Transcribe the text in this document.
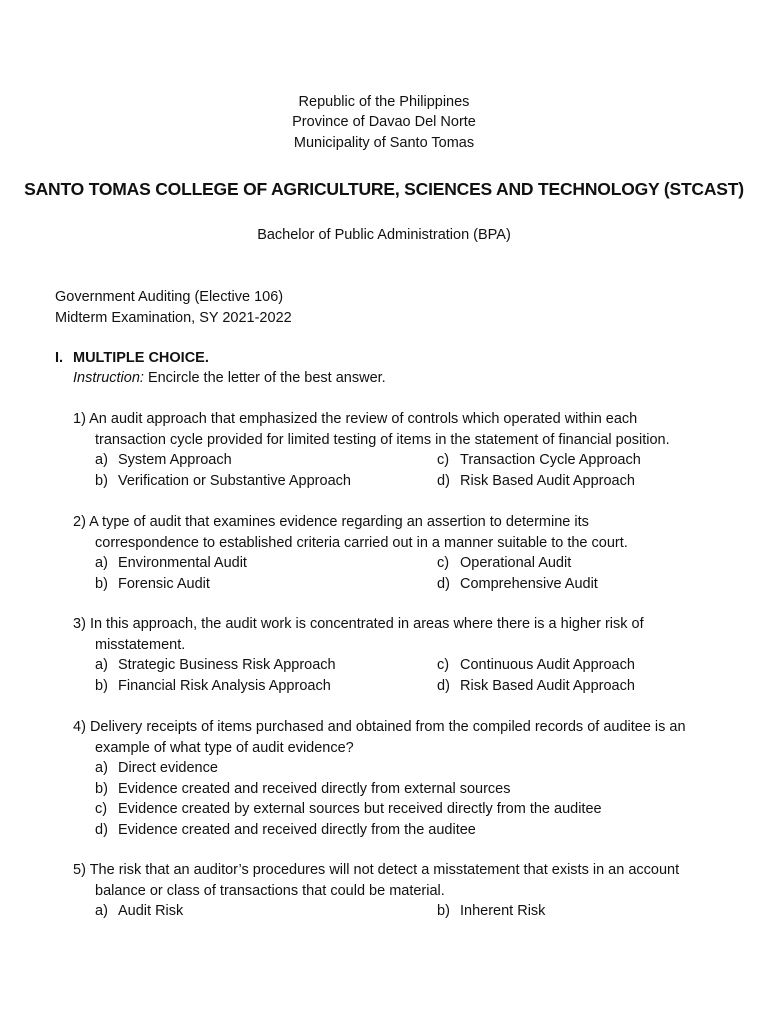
Republic of the Philippines
Province of Davao Del Norte
Municipality of Santo Tomas
SANTO TOMAS COLLEGE OF AGRICULTURE, SCIENCES AND TECHNOLOGY (STCAST)
Bachelor of Public Administration (BPA)
Government Auditing (Elective 106)
Midterm Examination, SY 2021-2022
I. MULTIPLE CHOICE.
Instruction: Encircle the letter of the best answer.
1) An audit approach that emphasized the review of controls which operated within each
transaction cycle provided for limited testing of items in the statement of financial position.
a) System Approach	c) Transaction Cycle Approach
b) Verification or Substantive Approach	d) Risk Based Audit Approach
2) A type of audit that examines evidence regarding an assertion to determine its
correspondence to established criteria carried out in a manner suitable to the court.
a) Environmental Audit	c) Operational Audit
b) Forensic Audit	d) Comprehensive Audit
3) In this approach, the audit work is concentrated in areas where there is a higher risk of
misstatement.
a) Strategic Business Risk Approach	c) Continuous Audit Approach
b) Financial Risk Analysis Approach	d) Risk Based Audit Approach
4) Delivery receipts of items purchased and obtained from the compiled records of auditee is an
example of what type of audit evidence?
a) Direct evidence
b) Evidence created and received directly from external sources
c) Evidence created by external sources but received directly from the auditee
d) Evidence created and received directly from the auditee
5) The risk that an auditor’s procedures will not detect a misstatement that exists in an account
balance or class of transactions that could be material.
a) Audit Risk	b) Inherent Risk
